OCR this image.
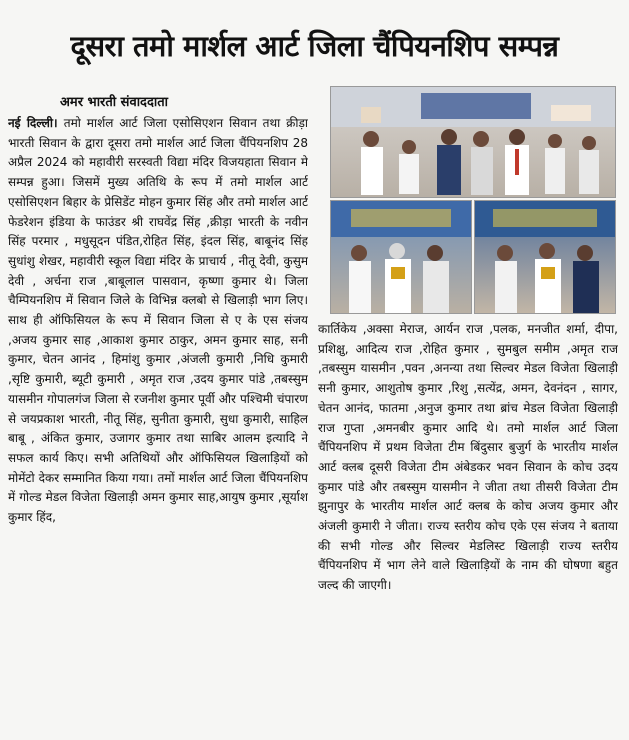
दूसरा तमो मार्शल आर्ट जिला चैंपियनशिप सम्पन्न
अमर भारती संवाददाता
नई दिल्ली। तमो मार्शल आर्ट जिला एसोसिएशन सिवान तथा क्रीड़ा भारती सिवान के द्वारा दूसरा तमो मार्शल आर्ट जिला चैंपियनशिप 28 अप्रैल 2024 को महावीरी सरस्वती विद्या मंदिर विजयहाता सिवान मे सम्पन्न हुआ। जिसमें मुख्य अतिथि के रूप में तमो मार्शल आर्ट एसोसिएशन बिहार के प्रेसिडेंट मोहन कुमार सिंह और तमो मार्शल आर्ट फेडरेशन इंडिया के फाउंडर श्री राघवेंद्र सिंह ,क्रीड़ा भारती के नवीन सिंह परमार , मधुसूदन पंडित,रोहित सिंह, इंदल सिंह, बाबूनंद सिंह सुधांशु शेखर, महावीरी स्कूल विद्या मंदिर के प्राचार्य , नीतू देवी, कुसुम देवी , अर्चना राज ,बाबूलाल पासवान, कृष्णा कुमार थे। जिला चैम्पियनशिप में सिवान जिले के विभिन्न क्लबो से खिलाड़ी भाग लिए। साथ ही ऑफिसियल के रूप में सिवान जिला से ए के एस संजय ,अजय कुमार साह ,आकाश कुमार ठाकुर, अमन कुमार साह, सनी कुमार, चेतन आनंद , हिमांशु कुमार ,अंजली कुमारी ,निधि कुमारी ,सृष्टि कुमारी, ब्यूटी कुमारी , अमृत राज ,उदय कुमार पांडे ,तबस्सुम यासमीन गोपालगंज जिला से रजनीश कुमार पूर्वी और पश्चिमी चंपारण से जयप्रकाश भारती, नीतू सिंह, सुनीता कुमारी, सुधा कुमारी, साहिल बाबू , अंकित कुमार, उजागर कुमार तथा साबिर आलम इत्यादि ने सफल कार्य किए। सभी अतिथियों और ऑफिसियल खिलाड़ियों को मोमेंटो देकर सम्मानित किया गया। तमों मार्शल आर्ट जिला चैंपियनशिप में गोल्ड मेडल विजेता खिलाड़ी अमन कुमार साह,आयुष कुमार ,सूर्याश कुमार हिंद,
कार्तिकेय ,अक्सा मेराज, आर्यन राज ,पलक, मनजीत शर्मा, दीपा, प्रशिक्षु, आदित्य राज ,रोहित कुमार , सुमबुल समीम ,अमृत राज ,तबस्सुम यासमीन ,पवन ,अनन्या तथा सिल्वर मेडल विजेता खिलाड़ी सनी कुमार, आशुतोष कुमार ,रिशु ,सत्येंद्र, अमन, देवनंदन , सागर, चेतन आनंद, फातमा ,अनुज कुमार तथा ब्रांच मेडल विजेता खिलाड़ी राज गुप्ता ,अमनबीर कुमार आदि थे। तमो मार्शल आर्ट जिला चैंपियनशिप में प्रथम विजेता टीम बिंदुसार बुजुर्ग के भारतीय मार्शल आर्ट क्लब दूसरी विजेता टीम अंबेडकर भवन सिवान के कोच उदय कुमार पांडे और तबस्सुम यासमीन ने जीता तथा तीसरी विजेता टीम झुनापुर के भारतीय मार्शल आर्ट क्लब के कोच अजय कुमार और अंजली कुमारी ने जीता। राज्य स्तरीय कोच एके एस संजय ने बताया की सभी गोल्ड और सिल्वर मेडलिस्ट खिलाड़ी राज्य स्तरीय चैंपियनशिप में भाग लेने वाले खिलाड़ियों के नाम की घोषणा बहुत जल्द की जाएगी।
